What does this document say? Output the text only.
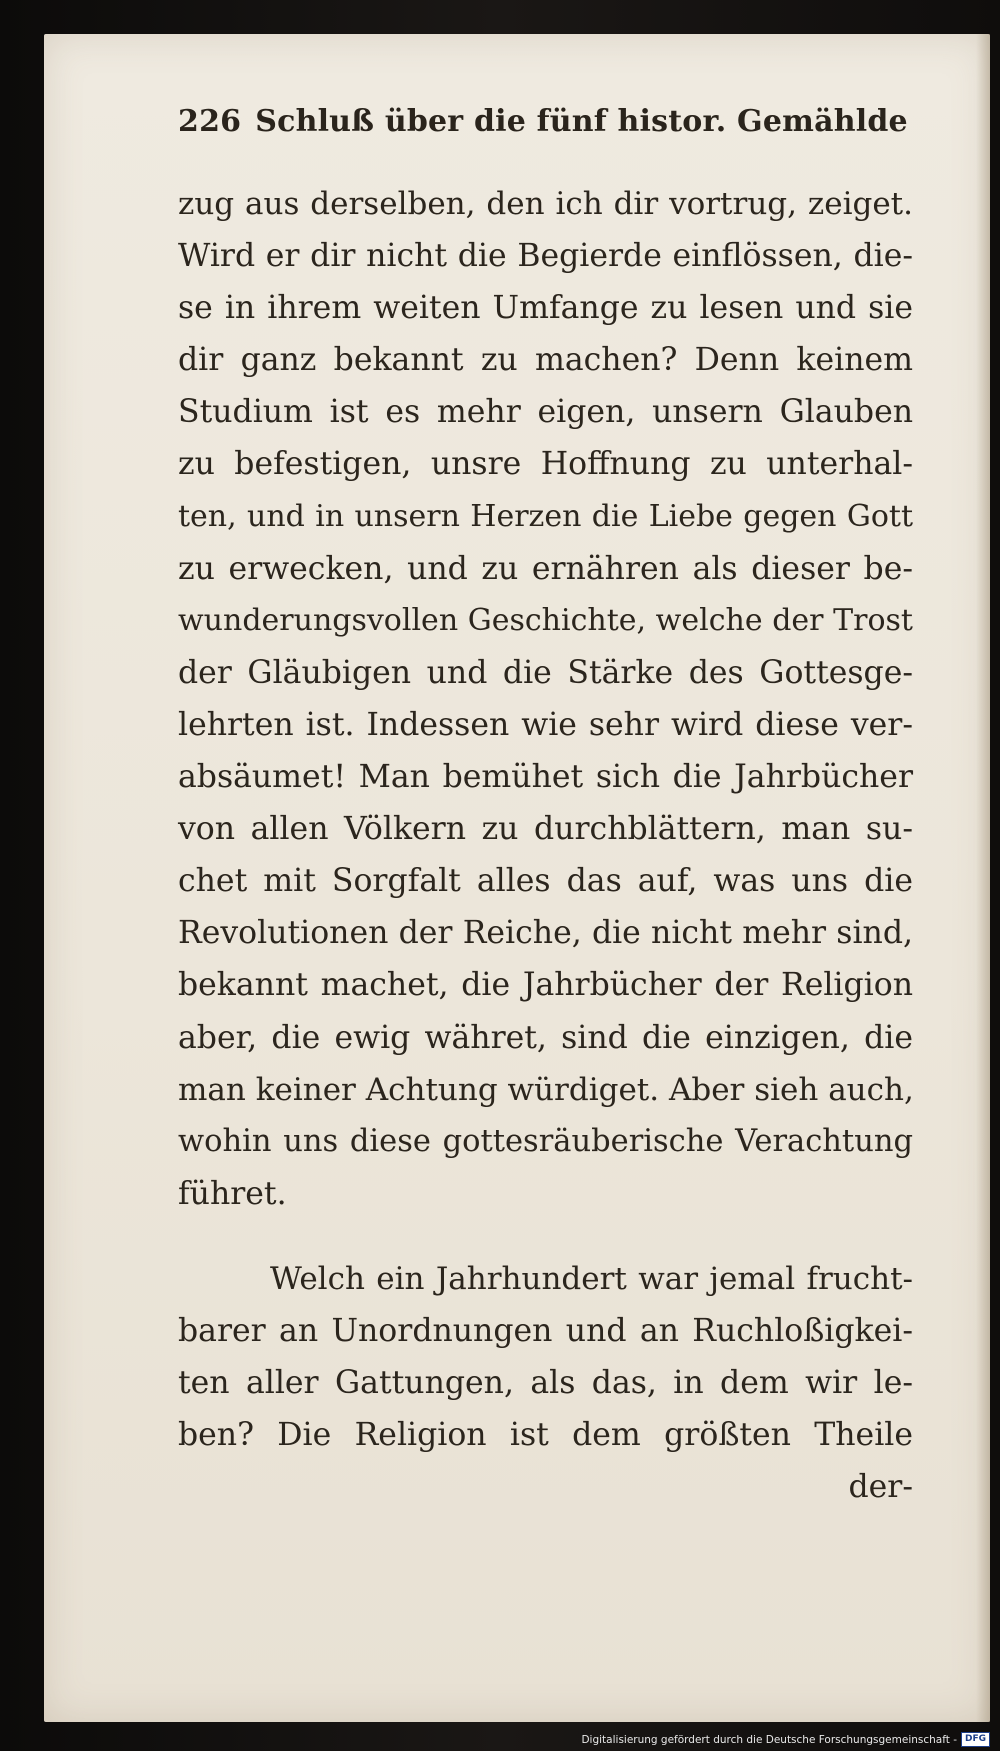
226 Schluß über die fünf histor. Gemählde
zug aus derselben, den ich dir vortrug, zeiget.
Wird er dir nicht die Begierde einflössen, die-
se in ihrem weiten Umfange zu lesen und sie
dir ganz bekannt zu machen? Denn keinem
Studium ist es mehr eigen, unsern Glauben
zu befestigen, unsre Hoffnung zu unterhal-
ten, und in unsern Herzen die Liebe gegen Gott
zu erwecken, und zu ernähren als dieser be-
wunderungsvollen Geschichte, welche der Trost
der Gläubigen und die Stärke des Gottesge-
lehrten ist. Indessen wie sehr wird diese ver-
absäumet! Man bemühet sich die Jahrbücher
von allen Völkern zu durchblättern, man su-
chet mit Sorgfalt alles das auf, was uns die
Revolutionen der Reiche, die nicht mehr sind,
bekannt machet, die Jahrbücher der Religion
aber, die ewig währet, sind die einzigen, die
man keiner Achtung würdiget. Aber sieh auch,
wohin uns diese gottesräuberische Verachtung
führet.
Welch ein Jahrhundert war jemal frucht-
barer an Unordnungen und an Ruchloßigkei-
ten aller Gattungen, als das, in dem wir le-
ben? Die Religion ist dem größten Theile
der-
Digitalisierung gefördert durch die Deutsche Forschungsgemeinschaft - DFG
